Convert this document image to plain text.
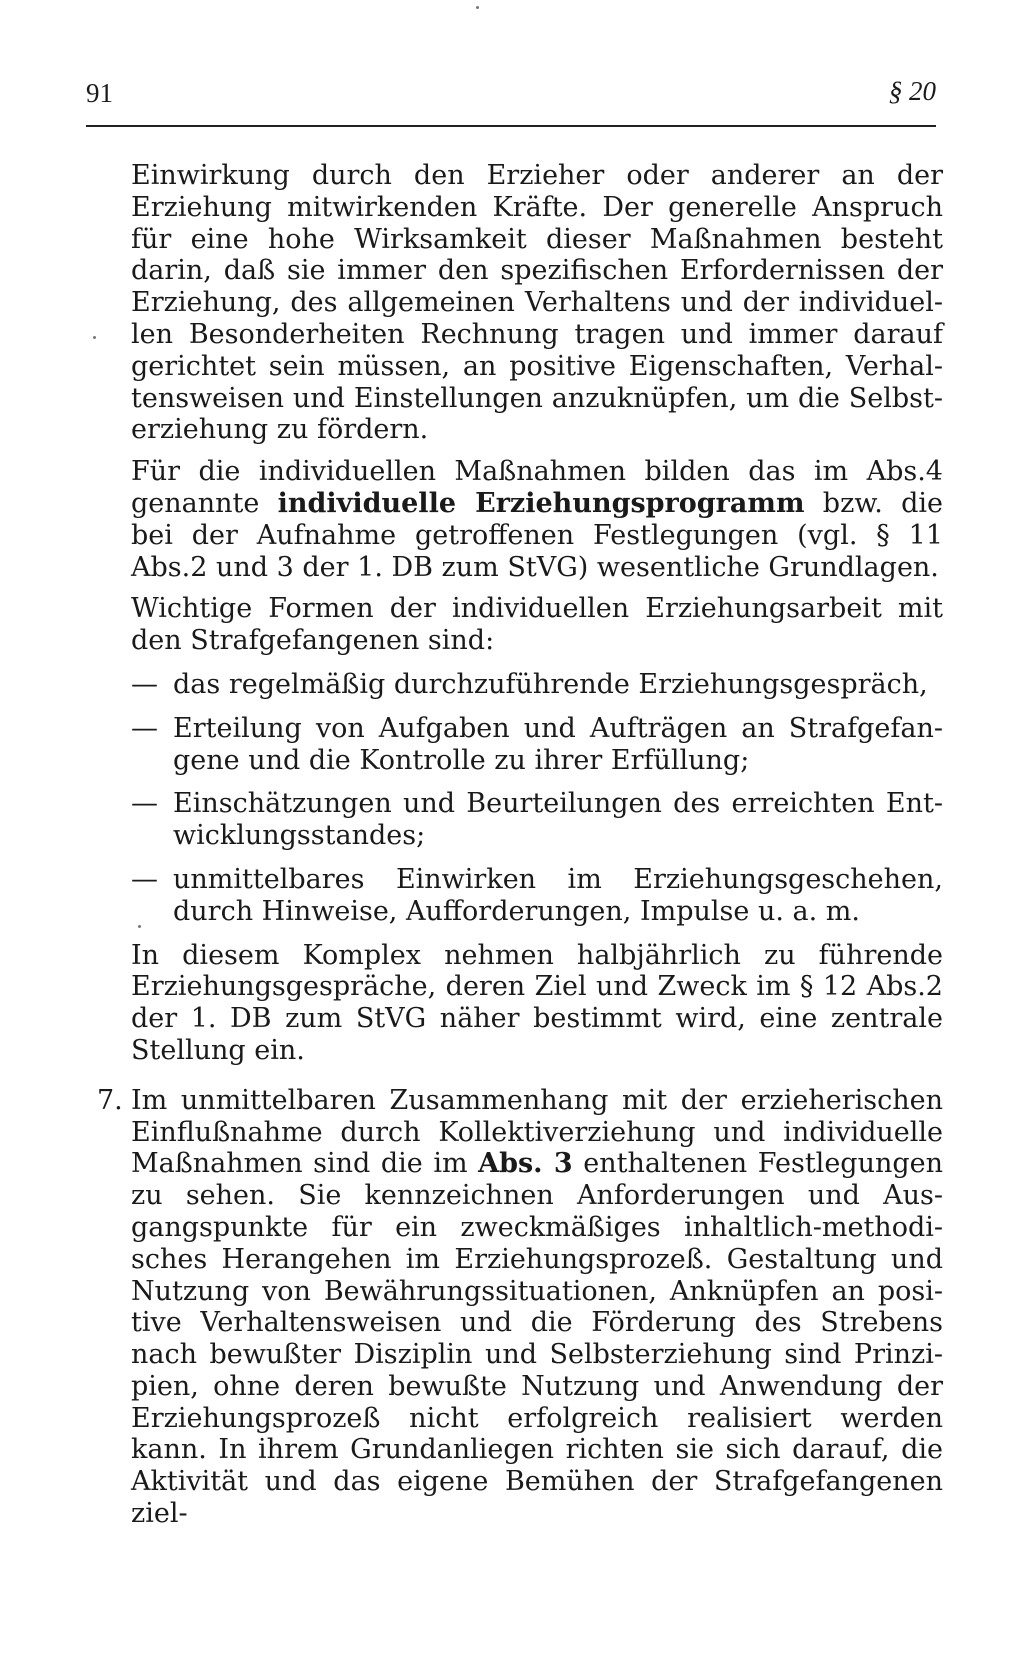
91	§ 20

Einwirkung durch den Erzieher oder anderer an der Erziehung mitwirkenden Kräfte. Der generelle Anspruch für eine hohe Wirksamkeit dieser Maßnahmen besteht darin, daß sie immer den spezifischen Erfordernissen der Erziehung, des allgemeinen Verhaltens und der individuellen Besonderheiten Rechnung tragen und immer darauf gerichtet sein müssen, an positive Eigenschaften, Verhaltensweisen und Einstellungen anzuknüpfen, um die Selbsterziehung zu fördern.

Für die individuellen Maßnahmen bilden das im Abs.4 genannte individuelle Erziehungsprogramm bzw. die bei der Aufnahme getroffenen Festlegungen (vgl. § 11 Abs.2 und 3 der 1. DB zum StVG) wesentliche Grundlagen.

Wichtige Formen der individuellen Erziehungsarbeit mit den Strafgefangenen sind:

— das regelmäßig durchzuführende Erziehungsgespräch,
— Erteilung von Aufgaben und Aufträgen an Strafgefangene und die Kontrolle zu ihrer Erfüllung;
— Einschätzungen und Beurteilungen des erreichten Entwicklungsstandes;
— unmittelbares Einwirken im Erziehungsgeschehen, durch Hinweise, Aufforderungen, Impulse u. a. m.

In diesem Komplex nehmen halbjährlich zu führende Erziehungsgespräche, deren Ziel und Zweck im § 12 Abs.2 der 1. DB zum StVG näher bestimmt wird, eine zentrale Stellung ein.

7. Im unmittelbaren Zusammenhang mit der erzieherischen Einflußnahme durch Kollektiverziehung und individuelle Maßnahmen sind die im Abs. 3 enthaltenen Festlegungen zu sehen. Sie kennzeichnen Anforderungen und Ausgangspunkte für ein zweckmäßiges inhaltlich-methodisches Herangehen im Erziehungsprozeß. Gestaltung und Nutzung von Bewährungssituationen, Anknüpfen an positive Verhaltensweisen und die Förderung des Strebens nach bewußter Disziplin und Selbsterziehung sind Prinzipien, ohne deren bewußte Nutzung und Anwendung der Erziehungsprozeß nicht erfolgreich realisiert werden kann. In ihrem Grundanliegen richten sie sich darauf, die Aktivität und das eigene Bemühen der Strafgefangenen ziel-
